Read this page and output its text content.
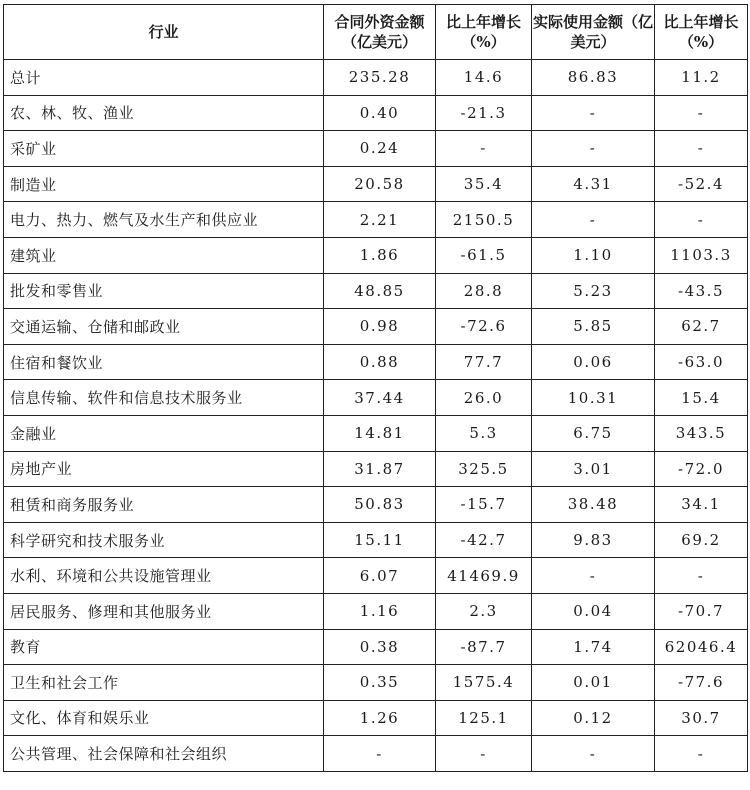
行业	合同外资金额（亿美元）	比上年增长（%）	实际使用金额（亿美元）	比上年增长（%）
总计	235.28	14.6	86.83	11.2
农、林、牧、渔业	0.40	-21.3	-	-
采矿业	0.24	-	-	-
制造业	20.58	35.4	4.31	-52.4
电力、热力、燃气及水生产和供应业	2.21	2150.5	-	-
建筑业	1.86	-61.5	1.10	1103.3
批发和零售业	48.85	28.8	5.23	-43.5
交通运输、仓储和邮政业	0.98	-72.6	5.85	62.7
住宿和餐饮业	0.88	77.7	0.06	-63.0
信息传输、软件和信息技术服务业	37.44	26.0	10.31	15.4
金融业	14.81	5.3	6.75	343.5
房地产业	31.87	325.5	3.01	-72.0
租赁和商务服务业	50.83	-15.7	38.48	34.1
科学研究和技术服务业	15.11	-42.7	9.83	69.2
水利、环境和公共设施管理业	6.07	41469.9	-	-
居民服务、修理和其他服务业	1.16	2.3	0.04	-70.7
教育	0.38	-87.7	1.74	62046.4
卫生和社会工作	0.35	1575.4	0.01	-77.6
文化、体育和娱乐业	1.26	125.1	0.12	30.7
公共管理、社会保障和社会组织	-	-	-	-
